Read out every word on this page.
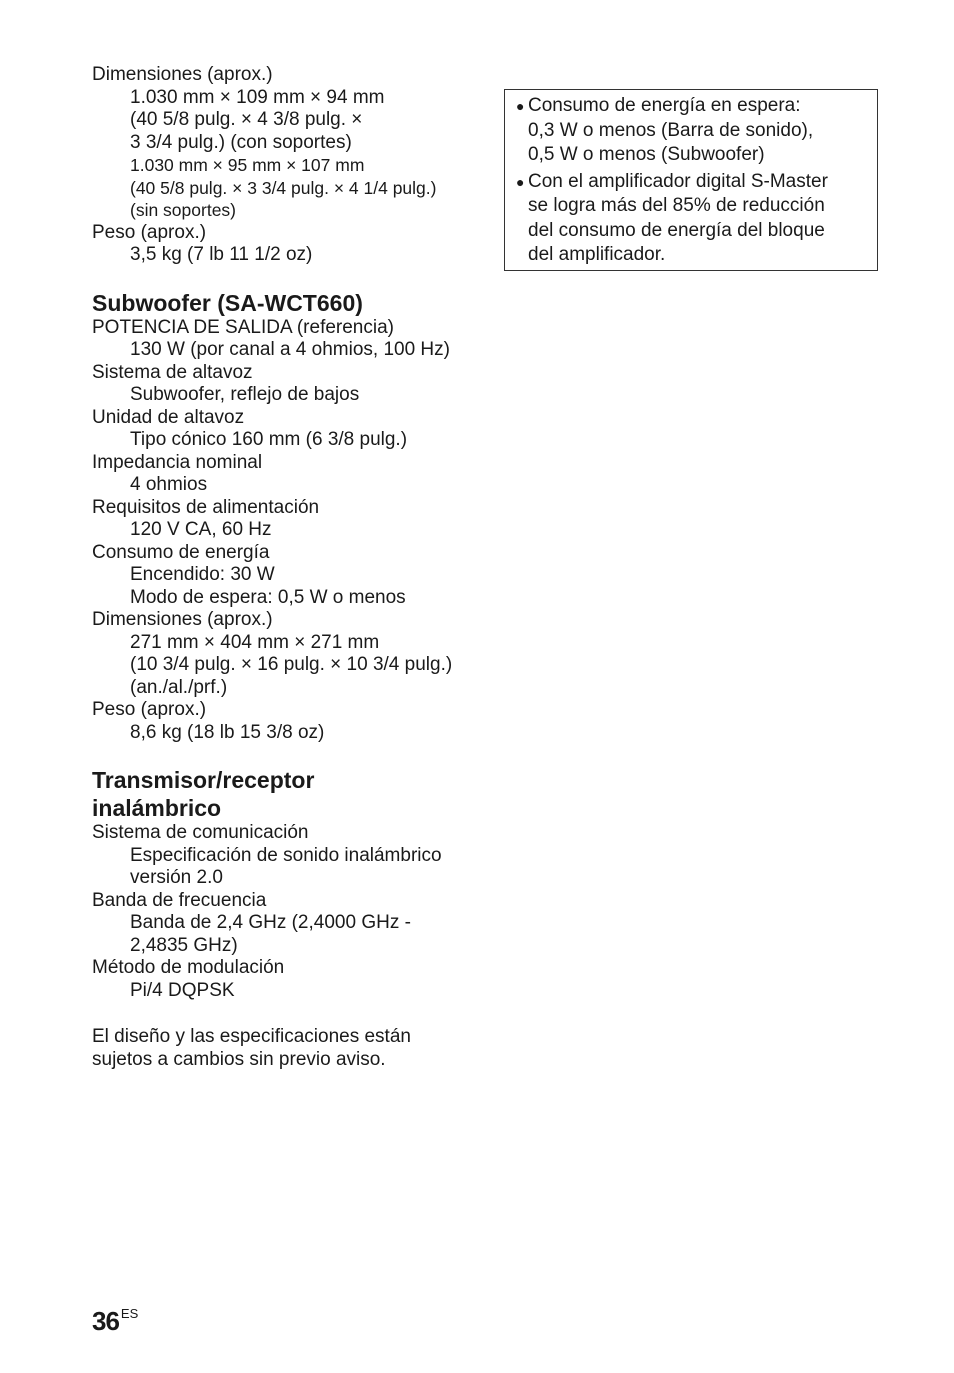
Dimensiones (aprox.)
1.030 mm × 109 mm × 94 mm
(40 5/8 pulg. × 4 3/8 pulg. ×
3 3/4 pulg.) (con soportes)
1.030 mm × 95 mm × 107 mm
(40 5/8 pulg. × 3 3/4 pulg. × 4 1/4 pulg.)
(sin soportes)
Peso (aprox.)
3,5 kg (7 lb 11 1/2 oz)
Subwoofer (SA-WCT660)
POTENCIA DE SALIDA (referencia)
130 W (por canal a 4 ohmios, 100 Hz)
Sistema de altavoz
Subwoofer, reflejo de bajos
Unidad de altavoz
Tipo cónico 160 mm (6 3/8 pulg.)
Impedancia nominal
4 ohmios
Requisitos de alimentación
120 V CA, 60 Hz
Consumo de energía
Encendido: 30 W
Modo de espera: 0,5 W o menos
Dimensiones (aprox.)
271 mm × 404 mm × 271 mm
(10 3/4 pulg. × 16 pulg. × 10 3/4 pulg.)
(an./al./prf.)
Peso (aprox.)
8,6 kg (18 lb 15 3/8 oz)
Transmisor/receptor
inalámbrico
Sistema de comunicación
Especificación de sonido inalámbrico
versión 2.0
Banda de frecuencia
Banda de 2,4 GHz (2,4000 GHz -
2,4835 GHz)
Método de modulación
Pi/4 DQPSK
El diseño y las especificaciones están
sujetos a cambios sin previo aviso.
● Consumo de energía en espera:
0,3 W o menos (Barra de sonido),
0,5 W o menos (Subwoofer)
● Con el amplificador digital S-Master
se logra más del 85% de reducción
del consumo de energía del bloque
del amplificador.
36 $^{ES}$
